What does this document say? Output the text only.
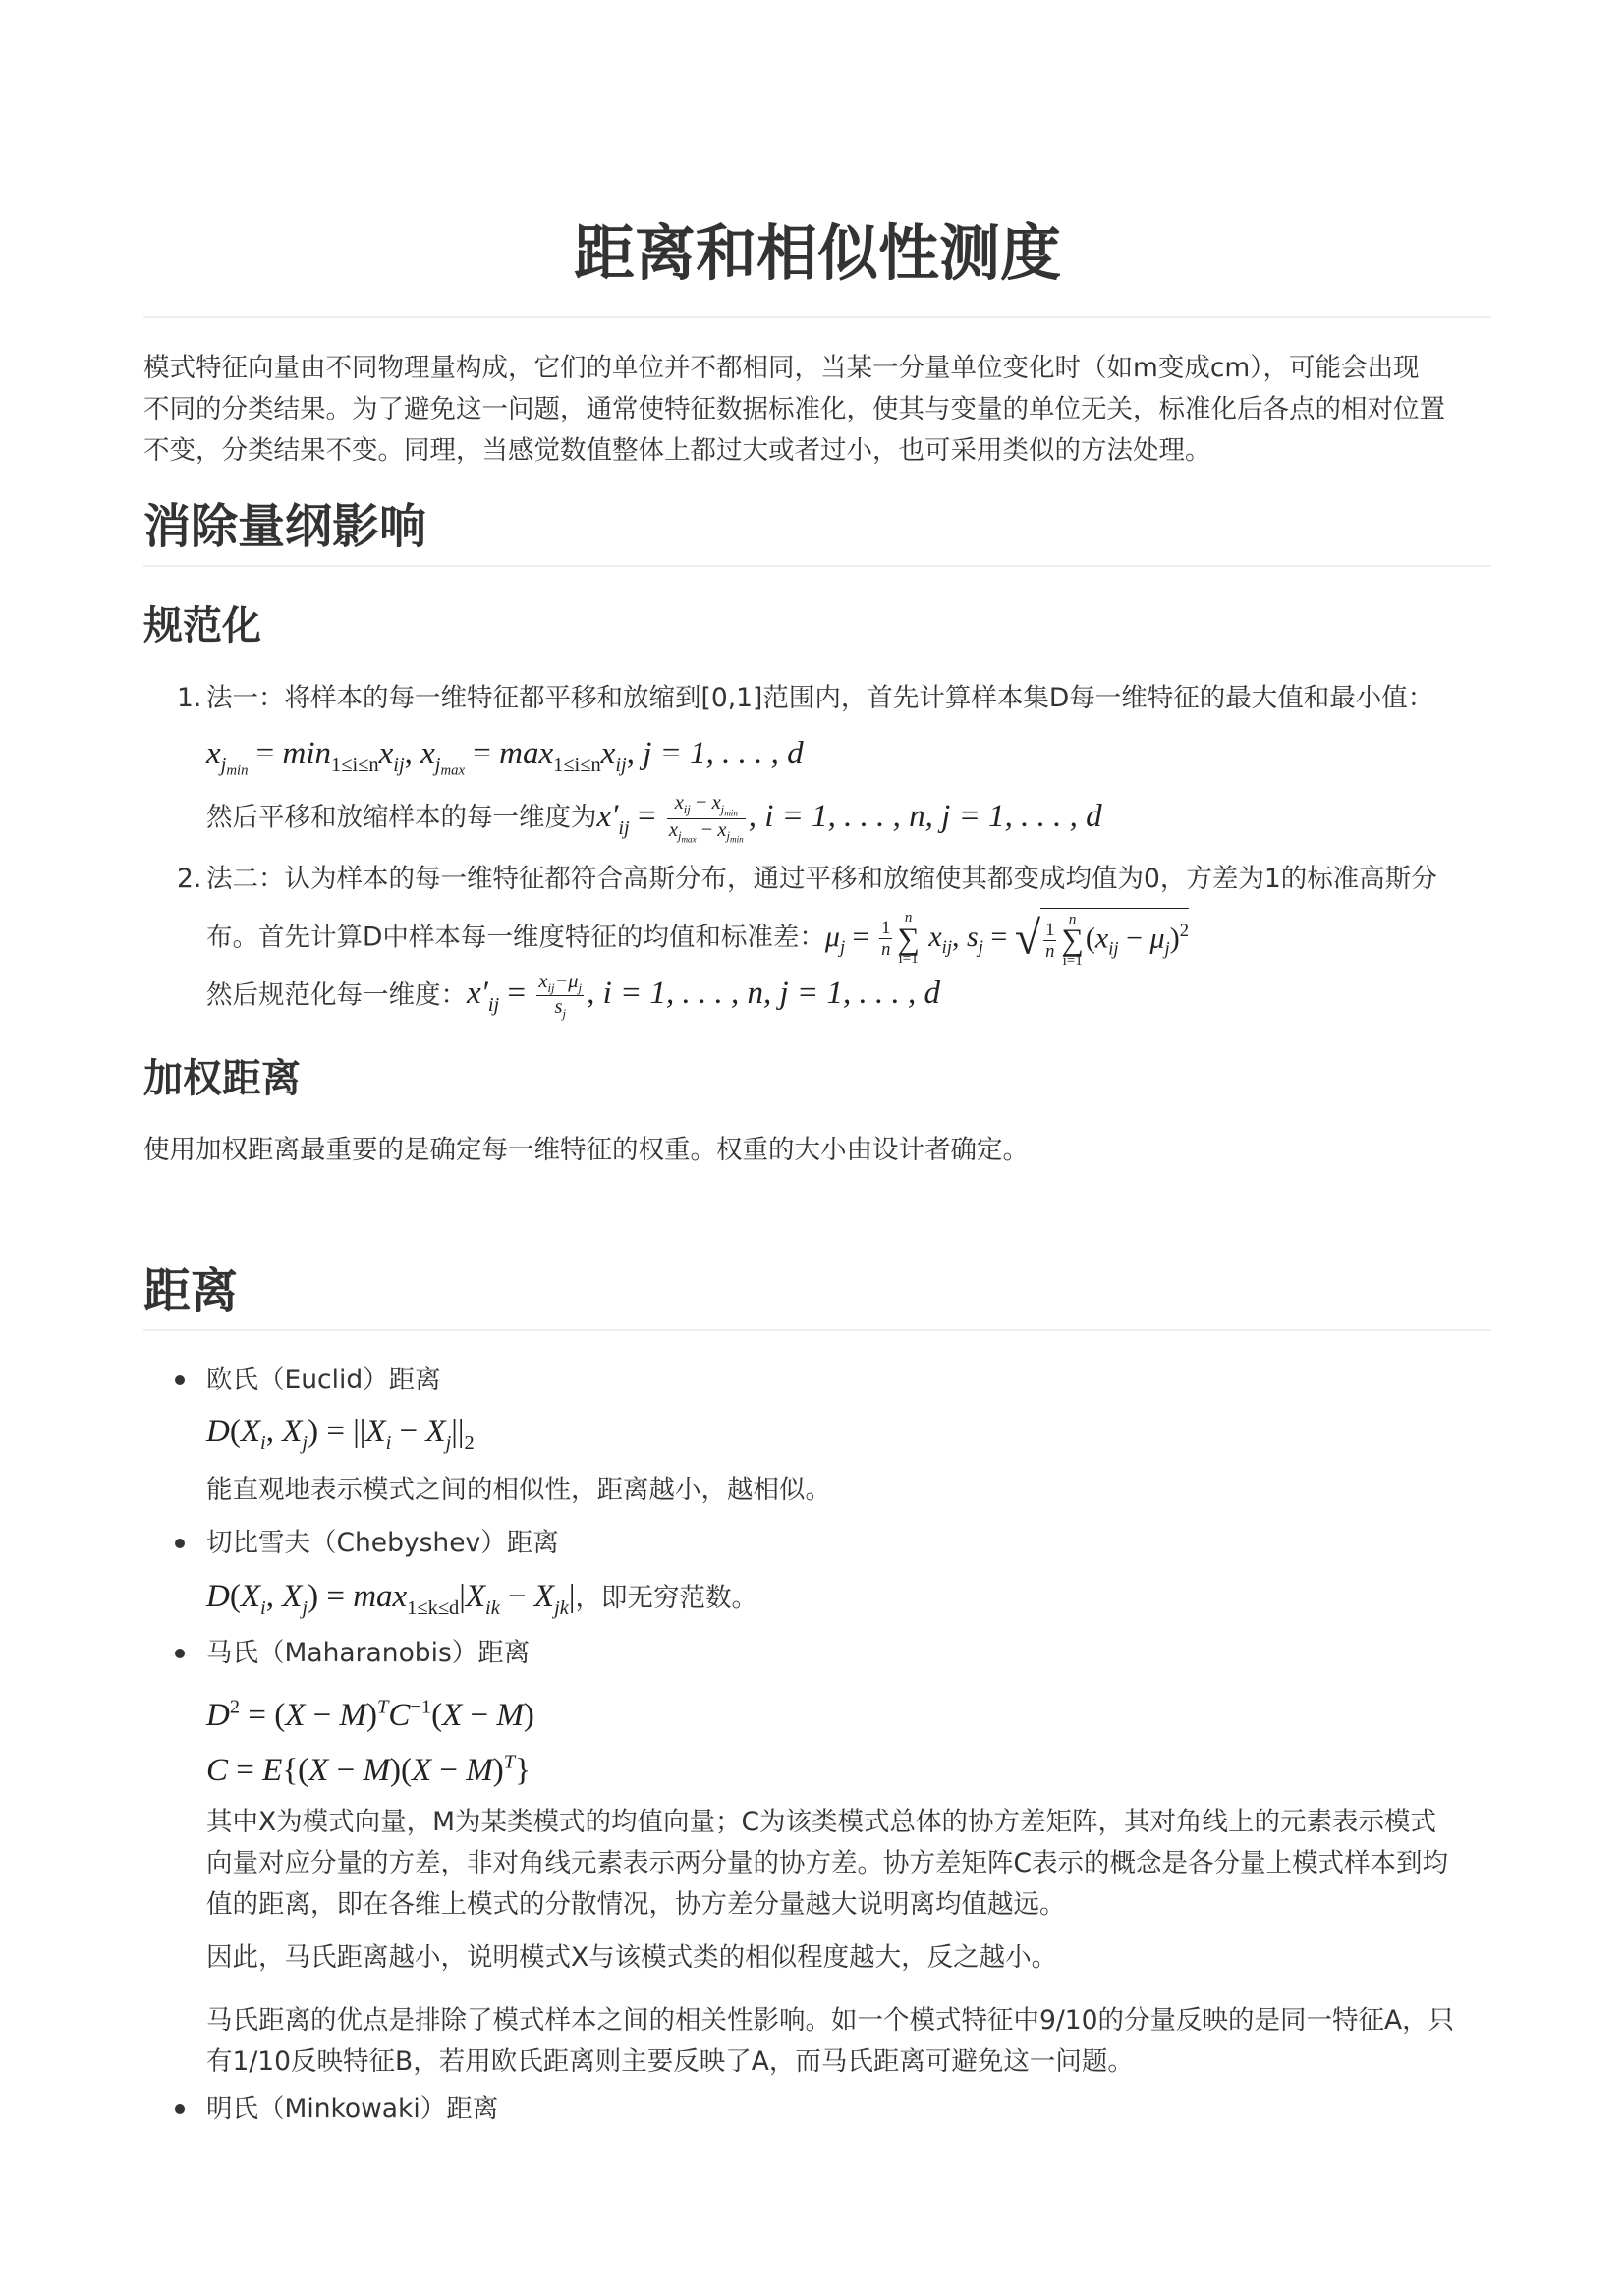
距离和相似性测度

模式特征向量由不同物理量构成，它们的单位并不都相同，当某一分量单位变化时（如m变成cm），可能会出现
不同的分类结果。为了避免这一问题，通常使特征数据标准化，使其与变量的单位无关，标准化后各点的相对位置
不变，分类结果不变。同理，当感觉数值整体上都过大或者过小，也可采用类似的方法处理。

消除量纲影响
规范化
1. 法一：将样本的每一维特征都平移和放缩到[0,1]范围内，首先计算样本集D每一维特征的最大值和最小值：
$x_{jmin} = \min_{1\le i\le n}x_{ij}$, $x_{jmax} = \max_{1\le i\le n}x_{ij}$, j = 1, . . . , d
然后平移和放缩样本的每一维度为$x'_{ij} = \frac{x_{ij} - x_{jmin}}{x_{jmax} - x_{jmin}}$ , i = 1, . . . , n, j = 1, . . . , d
2. 法二：认为样本的每一维特征都符合高斯分布，通过平移和放缩使其都变成均值为0，方差为1的标准高斯分
布。首先计算D中样本每一维度特征的均值和标准差：$\mu_j = \frac{1}{n}$ n
∑
i=1
$x_{ij}$, $s_j$ = √ $\frac{1}{n}$ n
∑
i=1
$(x_{ij} - \mu_j)^2$
然后规范化每一维度：$x'_{ij} = \frac{x_{ij}-\mu_j}{s_j}$ , i = 1, . . . , n, j = 1, . . . , d
加权距离

使用加权距离最重要的是确定每一维特征的权重。权重的大小由设计者确定。

距离
欧氏（Euclid）距离
$D(X_i$, $X_j) = ||X_i - X_j||_2$

能直观地表示模式之间的相似性，距离越小，越相似。

切比雪夫（Chebyshev）距离
$D(X_i$, $X_j) = \max_{1\le k\le d}|X_{ik} - X_{jk}|$，即无穷范数。
马氏（Maharanobis）距离
$D^2 = (X - M)^TC^{-1}(X - M)$
$C = E\{(X - M)(X - M)^T\}$

其中X为模式向量，M为某类模式的均值向量；C为该类模式总体的协方差矩阵，其对角线上的元素表示模式
向量对应分量的方差，非对角线元素表示两分量的协方差。协方差矩阵C表示的概念是各分量上模式样本到均
值的距离，即在各维上模式的分散情况，协方差分量越大说明离均值越远。

因此，马氏距离越小，说明模式X与该模式类的相似程度越大，反之越小。

马氏距离的优点是排除了模式样本之间的相关性影响。如一个模式特征中9/10的分量反映的是同一特征A，只
有1/10反映特征B，若用欧氏距离则主要反映了A，而马氏距离可避免这一问题。

明氏（Minkowaki）距离
